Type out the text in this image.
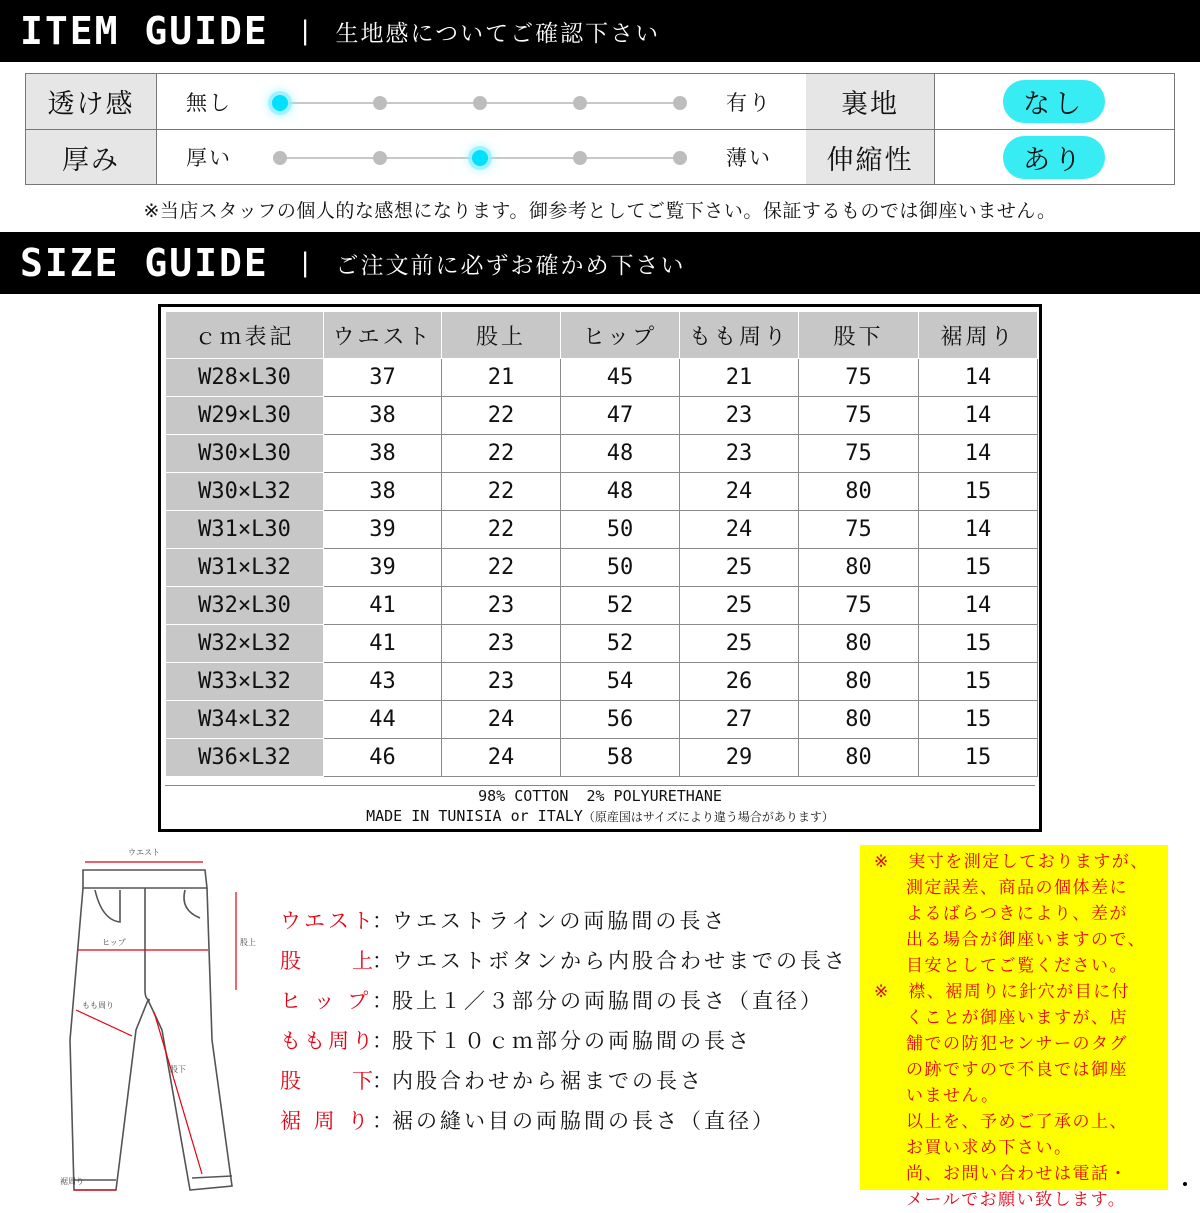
ITEM GUIDE | 生地感についてご確認下さい
透け感	無し	有り	裏地	なし
厚み	厚い	薄い	伸縮性	あり
※当店スタッフの個人的な感想になります。御参考としてご覧下さい。保証するものでは御座いません。
SIZE GUIDE | ご注文前に必ずお確かめ下さい
ｃｍ表記	ウエスト	股上	ヒップ	もも周り	股下	裾周り
W28×L30	37	21	45	21	75	14
W29×L30	38	22	47	23	75	14
W30×L30	38	22	48	23	75	14
W30×L32	38	22	48	24	80	15
W31×L30	39	22	50	24	75	14
W31×L32	39	22	50	25	80	15
W32×L30	41	23	52	25	75	14
W32×L32	41	23	52	25	80	15
W33×L32	43	23	54	26	80	15
W34×L32	44	24	56	27	80	15
W36×L32	46	24	58	29	80	15
98% COTTON  2% POLYURETHANE
MADE IN TUNISIA or ITALY（原産国はサイズにより違う場合があります）
ウエスト
股上
ヒップ
もも周り
股下
裾周り
ウエスト
：
ウエストラインの両脇間の長さ
股　　上
：
ウエストボタンから内股合わせまでの長さ
ヒ ッ プ ：
股上１／３部分の両脇間の長さ（直径）
もも周り
：
股下１０ｃｍ部分の両脇間の長さ
股　　下
：
内股合わせから裾までの長さ
裾 周 り ：
裾の縫い目の両脇間の長さ（直径）
※　実寸を測定しておりますが、
測定誤差、商品の個体差に
よるばらつきにより、差が
出る場合が御座いますので、
目安としてご覧ください。
※　襟、裾周りに針穴が目に付
くことが御座いますが、店
舗での防犯センサーのタグ
の跡ですので不良では御座
いません。
以上を、予めご了承の上、
お買い求め下さい。
尚、お問い合わせは電話・
メールでお願い致します。
